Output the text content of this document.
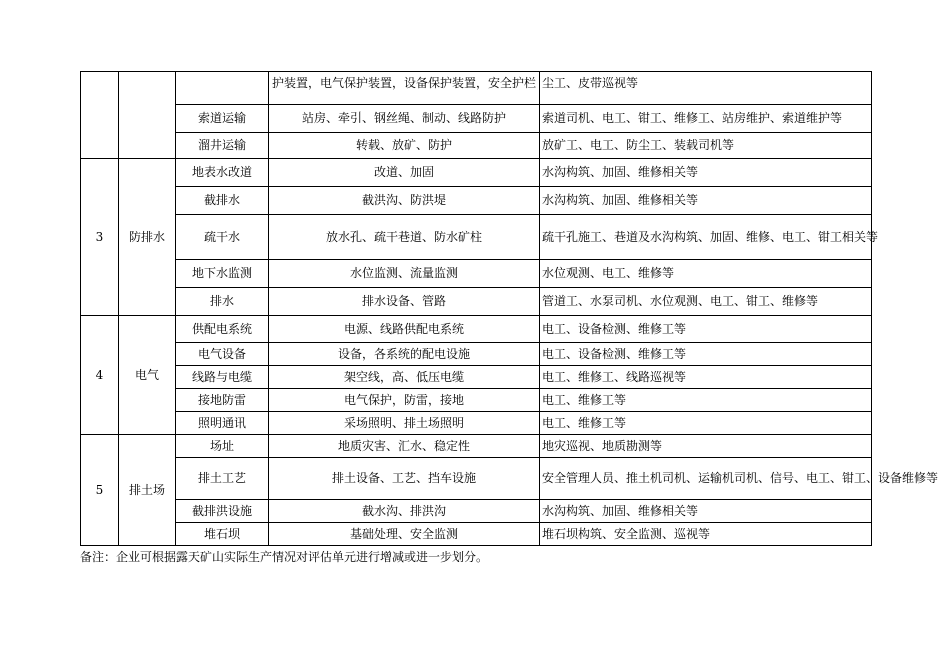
			护装置，电气保护装置，设备保护装置，安全护栏	尘工、皮带巡视等
		索道运输	站房、牵引、钢丝绳、制动、线路防护	索道司机、电工、钳工、维修工、站房维护、索道维护等
		溜井运输	转载、放矿、防护	放矿工、电工、防尘工、装载司机等
3	防排水	地表水改道	改道、加固	水沟构筑、加固、维修相关等
		截排水	截洪沟、防洪堤	水沟构筑、加固、维修相关等
		疏干水	放水孔、疏干巷道、防水矿柱	疏干孔施工、巷道及水沟构筑、加固、维修、电工、钳工相关等
		地下水监测	水位监测、流量监测	水位观测、电工、维修等
		排水	排水设备、管路	管道工、水泵司机、水位观测、电工、钳工、维修等
4	电气	供配电系统	电源、线路供配电系统	电工、设备检测、维修工等
		电气设备	设备，各系统的配电设施	电工、设备检测、维修工等
		线路与电缆	架空线，高、低压电缆	电工、维修工、线路巡视等
		接地防雷	电气保护，防雷，接地	电工、维修工等
		照明通讯	采场照明、排土场照明	电工、维修工等
5	排土场	场址	地质灾害、汇水、稳定性	地灾巡视、地质勘测等
		排土工艺	排土设备、工艺、挡车设施	安全管理人员、推土机司机、运输机司机、信号、电工、钳工、设备维修等
		截排洪设施	截水沟、排洪沟	水沟构筑、加固、维修相关等
		堆石坝	基础处理、安全监测	堆石坝构筑、安全监测、巡视等
备注：企业可根据露天矿山实际生产情况对评估单元进行增减或进一步划分。
